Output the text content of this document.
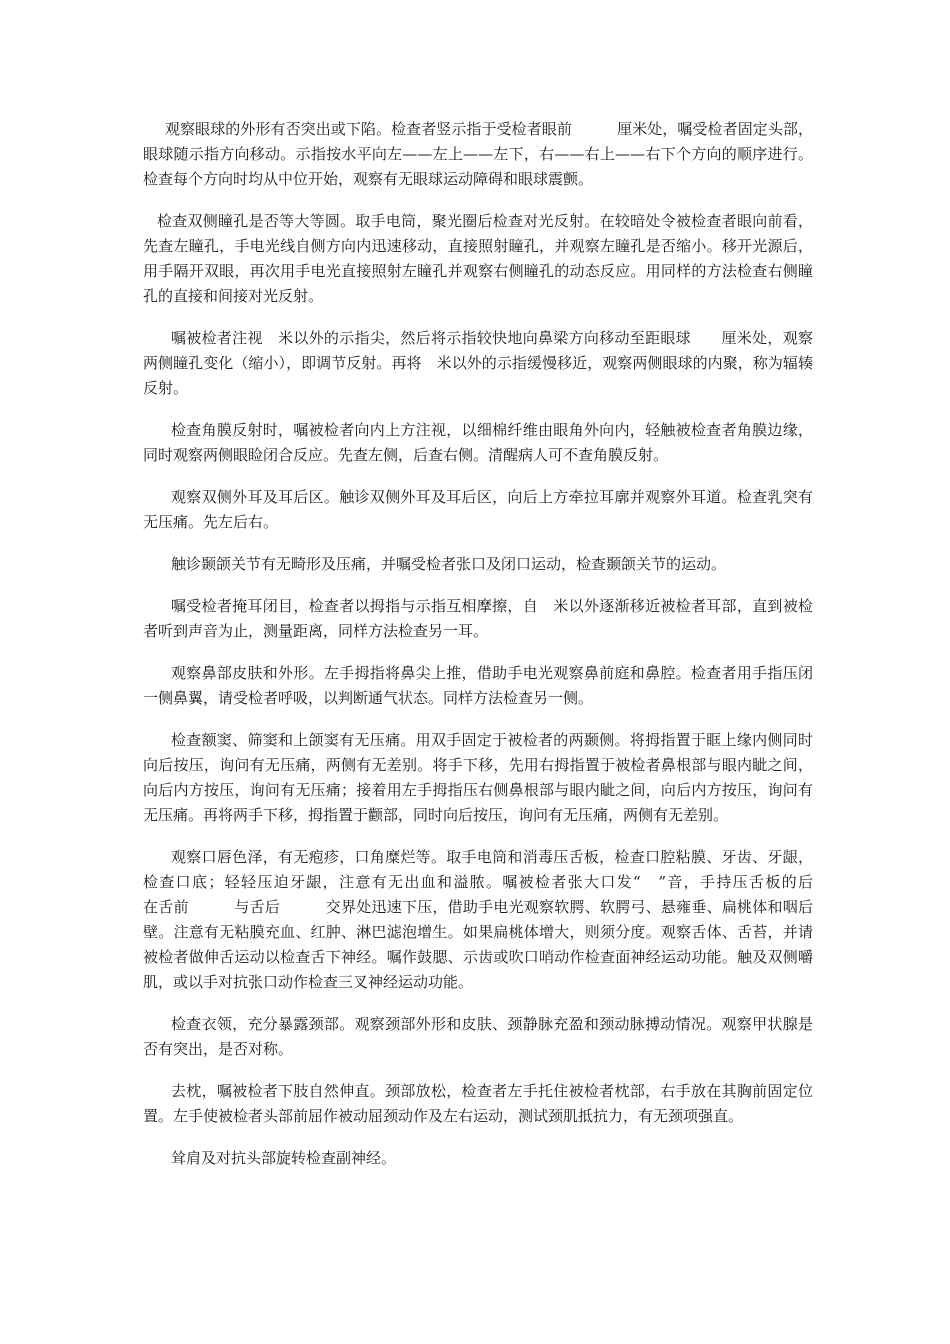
观察眼球的外形有否突出或下陷。检查者竖示指于受检者眼前　　　厘米处，嘱受检者固定头部，眼球随示指方向移动。示指按水平向左——左上——左下，右——右上——右下个方向的顺序进行。检查每个方向时均从中位开始，观察有无眼球运动障碍和眼球震颤。

检查双侧瞳孔是否等大等圆。取手电筒，聚光圈后检查对光反射。在较暗处令被检查者眼向前看，先查左瞳孔，手电光线自侧方向内迅速移动，直接照射瞳孔，并观察左瞳孔是否缩小。移开光源后，用手隔开双眼，再次用手电光直接照射左瞳孔并观察右侧瞳孔的动态反应。用同样的方法检查右侧瞳孔的直接和间接对光反射。

嘱被检者注视　米以外的示指尖，然后将示指较快地向鼻梁方向移动至距眼球　　厘米处，观察两侧瞳孔变化（缩小），即调节反射。再将　米以外的示指缓慢移近，观察两侧眼球的内聚，称为辐辏反射。

检查角膜反射时，嘱被检者向内上方注视，以细棉纤维由眼角外向内，轻触被检查者角膜边缘，同时观察两侧眼睑闭合反应。先查左侧，后查右侧。清醒病人可不查角膜反射。

观察双侧外耳及耳后区。触诊双侧外耳及耳后区，向后上方牵拉耳廓并观察外耳道。检查乳突有无压痛。先左后右。

触诊颞颌关节有无畸形及压痛，并嘱受检者张口及闭口运动，检查颞颌关节的运动。

嘱受检者掩耳闭目，检查者以拇指与示指互相摩擦，自　米以外逐渐移近被检者耳部，直到被检者听到声音为止，测量距离，同样方法检查另一耳。

观察鼻部皮肤和外形。左手拇指将鼻尖上推，借助手电光观察鼻前庭和鼻腔。检查者用手指压闭一侧鼻翼，请受检者呼吸，以判断通气状态。同样方法检查另一侧。

检查额窦、筛窦和上颌窦有无压痛。用双手固定于被检者的两颞侧。将拇指置于眶上缘内侧同时向后按压，询问有无压痛，两侧有无差别。将手下移，先用右拇指置于被检者鼻根部与眼内眦之间，向后内方按压，询问有无压痛；接着用左手拇指压右侧鼻根部与眼内眦之间，向后内方按压，询问有无压痛。再将两手下移，拇指置于颧部，同时向后按压，询问有无压痛，两侧有无差别。

观察口唇色泽，有无疱疹，口角糜烂等。取手电筒和消毒压舌板，检查口腔粘膜、牙齿、牙龈，检查口底；轻轻压迫牙龈，注意有无出血和溢脓。嘱被检者张大口发“　”音，手持压舌板的后　　　在舌前　　　与舌后　　　交界处迅速下压，借助手电光观察软腭、软腭弓、悬雍垂、扁桃体和咽后壁。注意有无粘膜充血、红肿、淋巴滤泡增生。如果扁桃体增大，则须分度。观察舌体、舌苔，并请被检者做伸舌运动以检查舌下神经。嘱作鼓腮、示齿或吹口哨动作检查面神经运动功能。触及双侧嚼肌，或以手对抗张口动作检查三叉神经运动功能。

检查衣领，充分暴露颈部。观察颈部外形和皮肤、颈静脉充盈和颈动脉搏动情况。观察甲状腺是否有突出，是否对称。

去枕，嘱被检者下肢自然伸直。颈部放松，检查者左手托住被检者枕部，右手放在其胸前固定位置。左手使被检者头部前屈作被动屈颈动作及左右运动，测试颈肌抵抗力，有无颈项强直。

耸肩及对抗头部旋转检查副神经。
